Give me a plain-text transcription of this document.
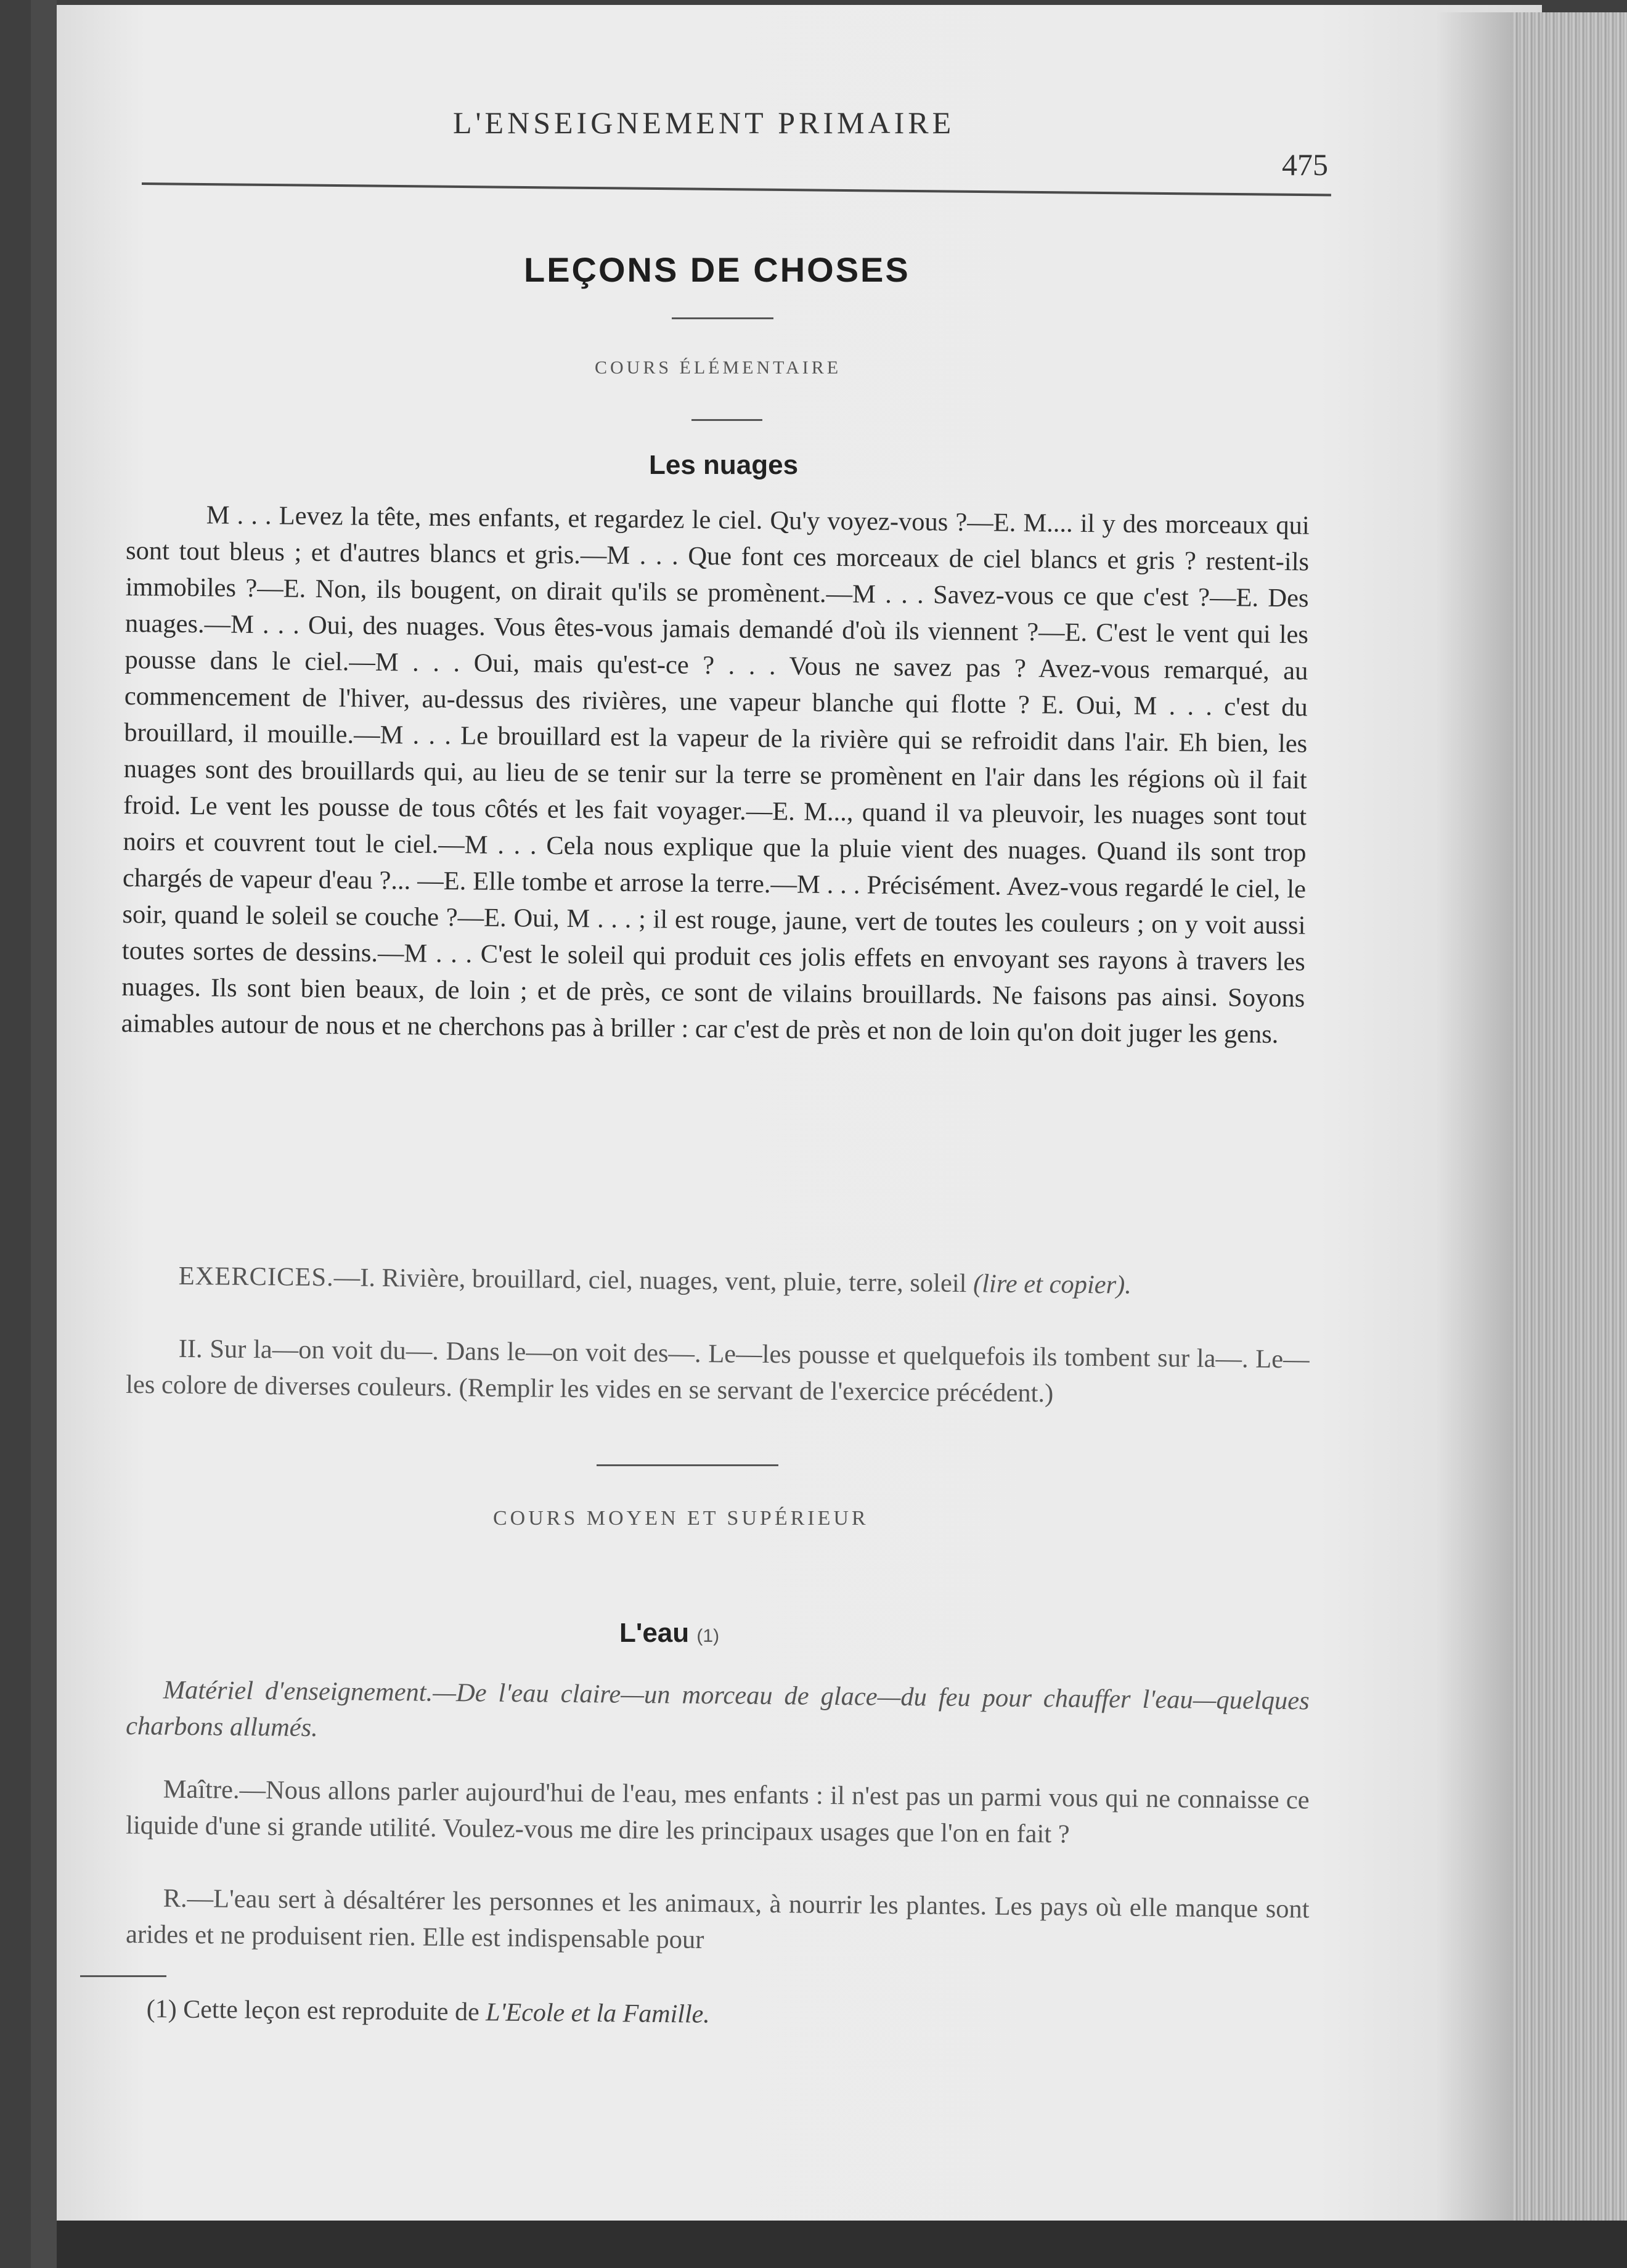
L'ENSEIGNEMENT PRIMAIRE
475
LEÇONS DE CHOSES
COURS ÉLÉMENTAIRE
Les nuages

M . . . Levez la tête, mes enfants, et regardez le ciel. Qu'y voyez-vous ?—E. M.... il y des morceaux qui sont tout bleus ; et d'autres blancs et gris.—M . . . Que font ces morceaux de ciel blancs et gris ? restent-ils immobiles ?—E. Non, ils bougent, on dirait qu'ils se promènent.—M . . . Savez-vous ce que c'est ?—E. Des nuages.—M . . . Oui, des nuages. Vous êtes-vous jamais demandé d'où ils viennent ?—E. C'est le vent qui les pousse dans le ciel.—M . . . Oui, mais qu'est-ce ? . . . Vous ne savez pas ? Avez-vous remarqué, au commencement de l'hiver, au-dessus des rivières, une vapeur blanche qui flotte ? E. Oui, M . . . c'est du brouillard, il mouille.—M . . . Le brouillard est la vapeur de la rivière qui se refroidit dans l'air. Eh bien, les nuages sont des brouillards qui, au lieu de se tenir sur la terre se promènent en l'air dans les régions où il fait froid. Le vent les pousse de tous côtés et les fait voyager.—E. M..., quand il va pleuvoir, les nuages sont tout noirs et couvrent tout le ciel.—M . . . Cela nous explique que la pluie vient des nuages. Quand ils sont trop chargés de vapeur d'eau ?... —E. Elle tombe et arrose la terre.—M . . . Précisément. Avez-vous regardé le ciel, le soir, quand le soleil se couche ?—E. Oui, M . . . ; il est rouge, jaune, vert de toutes les couleurs ; on y voit aussi toutes sortes de dessins.—M . . . C'est le soleil qui produit ces jolis effets en envoyant ses rayons à travers les nuages. Ils sont bien beaux, de loin ; et de près, ce sont de vilains brouillards. Ne faisons pas ainsi. Soyons aimables autour de nous et ne cherchons pas à briller : car c'est de près et non de loin qu'on doit juger les gens.

EXERCICES.—I. Rivière, brouillard, ciel, nuages, vent, pluie, terre, soleil (lire et copier).

II. Sur la—on voit du—. Dans le—on voit des—. Le—les pousse et quelquefois ils tombent sur la—. Le—les colore de diverses couleurs. (Remplir les vides en se servant de l'exercice précédent.)

COURS MOYEN ET SUPÉRIEUR
L'eau (1)

Matériel d'enseignement.—De l'eau claire—un morceau de glace—du feu pour chauffer l'eau—quelques charbons allumés.

Maître.—Nous allons parler aujourd'hui de l'eau, mes enfants : il n'est pas un parmi vous qui ne connaisse ce liquide d'une si grande utilité. Voulez-vous me dire les principaux usages que l'on en fait ?

R.—L'eau sert à désaltérer les personnes et les animaux, à nourrir les plantes. Les pays où elle manque sont arides et ne produisent rien. Elle est indispensable pour

(1) Cette leçon est reproduite de L'Ecole et la Famille.
